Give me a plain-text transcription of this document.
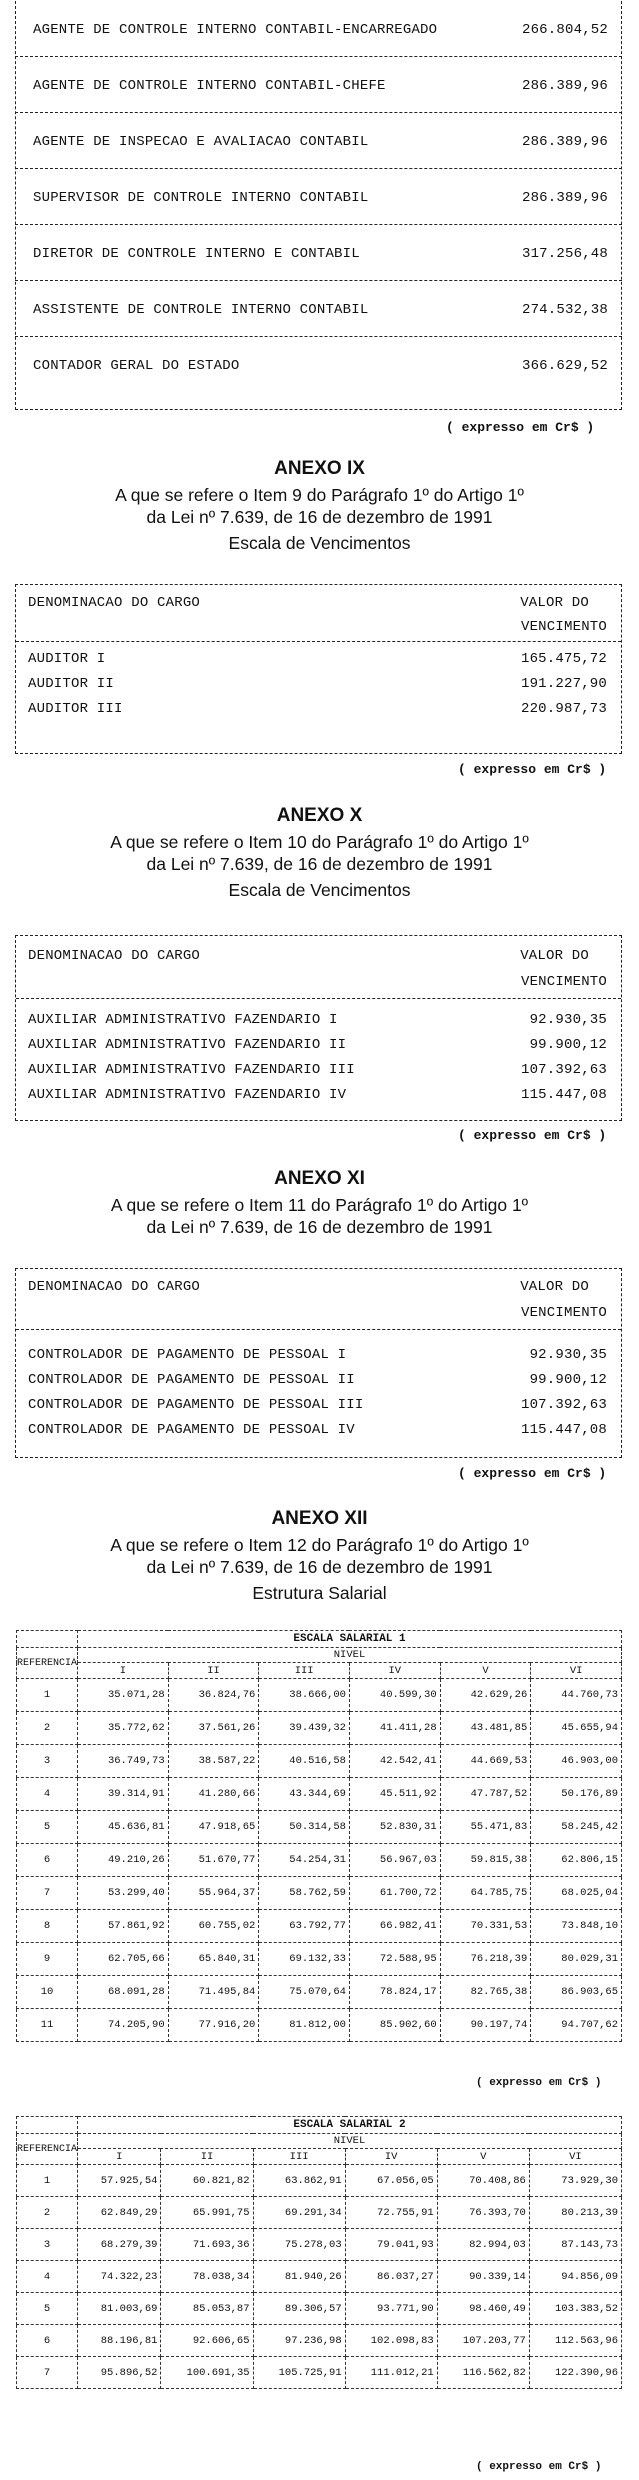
AGENTE DE CONTROLE INTERNO CONTABIL-ENCARREGADO	266.804,52
AGENTE DE CONTROLE INTERNO CONTABIL-CHEFE	286.389,96
AGENTE DE INSPECAO E AVALIACAO CONTABIL	286.389,96
SUPERVISOR DE CONTROLE INTERNO CONTABIL	286.389,96
DIRETOR DE CONTROLE INTERNO E CONTABIL	317.256,48
ASSISTENTE DE CONTROLE INTERNO CONTABIL	274.532,38
CONTADOR GERAL DO ESTADO	366.629,52
( expresso em Cr$ )
ANEXO IX
A que se refere o Item 9 do Parágrafo 1º do Artigo 1º
da Lei nº 7.639, de 16 de dezembro de 1991
Escala de Vencimentos
DENOMINACAO DO CARGO	VALOR DO
VENCIMENTO
AUDITOR I	165.475,72
AUDITOR II	191.227,90
AUDITOR III	220.987,73
( expresso em Cr$ )
ANEXO X
A que se refere o Item 10 do Parágrafo 1º do Artigo 1º
da Lei nº 7.639, de 16 de dezembro de 1991
Escala de Vencimentos
DENOMINACAO DO CARGO	VALOR DO
VENCIMENTO
AUXILIAR ADMINISTRATIVO FAZENDARIO I	92.930,35
AUXILIAR ADMINISTRATIVO FAZENDARIO II	99.900,12
AUXILIAR ADMINISTRATIVO FAZENDARIO III	107.392,63
AUXILIAR ADMINISTRATIVO FAZENDARIO IV	115.447,08
( expresso em Cr$ )
ANEXO XI
A que se refere o Item 11 do Parágrafo 1º do Artigo 1º
da Lei nº 7.639, de 16 de dezembro de 1991
DENOMINACAO DO CARGO	VALOR DO
VENCIMENTO
CONTROLADOR DE PAGAMENTO DE PESSOAL I	92.930,35
CONTROLADOR DE PAGAMENTO DE PESSOAL II	99.900,12
CONTROLADOR DE PAGAMENTO DE PESSOAL III	107.392,63
CONTROLADOR DE PAGAMENTO DE PESSOAL IV	115.447,08
( expresso em Cr$ )
ANEXO XII
A que se refere o Item 12 do Parágrafo 1º do Artigo 1º
da Lei nº 7.639, de 16 de dezembro de 1991
Estrutura Salarial
	ESCALA SALARIAL 1					
REFERENCIA	NIVEL					
	I	II	III	IV	V	VI
1	35.071,28	36.824,76	38.666,00	40.599,30	42.629,26	44.760,73
2	35.772,62	37.561,26	39.439,32	41.411,28	43.481,85	45.655,94
3	36.749,73	38.587,22	40.516,58	42.542,41	44.669,53	46.903,00
4	39.314,91	41.280,66	43.344,69	45.511,92	47.787,52	50.176,89
5	45.636,81	47.918,65	50.314,58	52.830,31	55.471,83	58.245,42
6	49.210,26	51.670,77	54.254,31	56.967,03	59.815,38	62.806,15
7	53.299,40	55.964,37	58.762,59	61.700,72	64.785,75	68.025,04
8	57.861,92	60.755,02	63.792,77	66.982,41	70.331,53	73.848,10
9	62.705,66	65.840,31	69.132,33	72.588,95	76.218,39	80.029,31
10	68.091,28	71.495,84	75.070,64	78.824,17	82.765,38	86.903,65
11	74.205,90	77.916,20	81.812,00	85.902,60	90.197,74	94.707,62
( expresso em Cr$ )
	ESCALA SALARIAL 2					
REFERENCIA	NIVEL					
	I	II	III	IV	V	VI
1	57.925,54	60.821,82	63.862,91	67.056,05	70.408,86	73.929,30
2	62.849,29	65.991,75	69.291,34	72.755,91	76.393,70	80.213,39
3	68.279,39	71.693,36	75.278,03	79.041,93	82.994,03	87.143,73
4	74.322,23	78.038,34	81.940,26	86.037,27	90.339,14	94.856,09
5	81.003,69	85.053,87	89.306,57	93.771,90	98.460,49	103.383,52
6	88.196,81	92.606,65	97.236,98	102.098,83	107.203,77	112.563,96
7	95.896,52	100.691,35	105.725,91	111.012,21	116.562,82	122.390,96
( expresso em Cr$ )
